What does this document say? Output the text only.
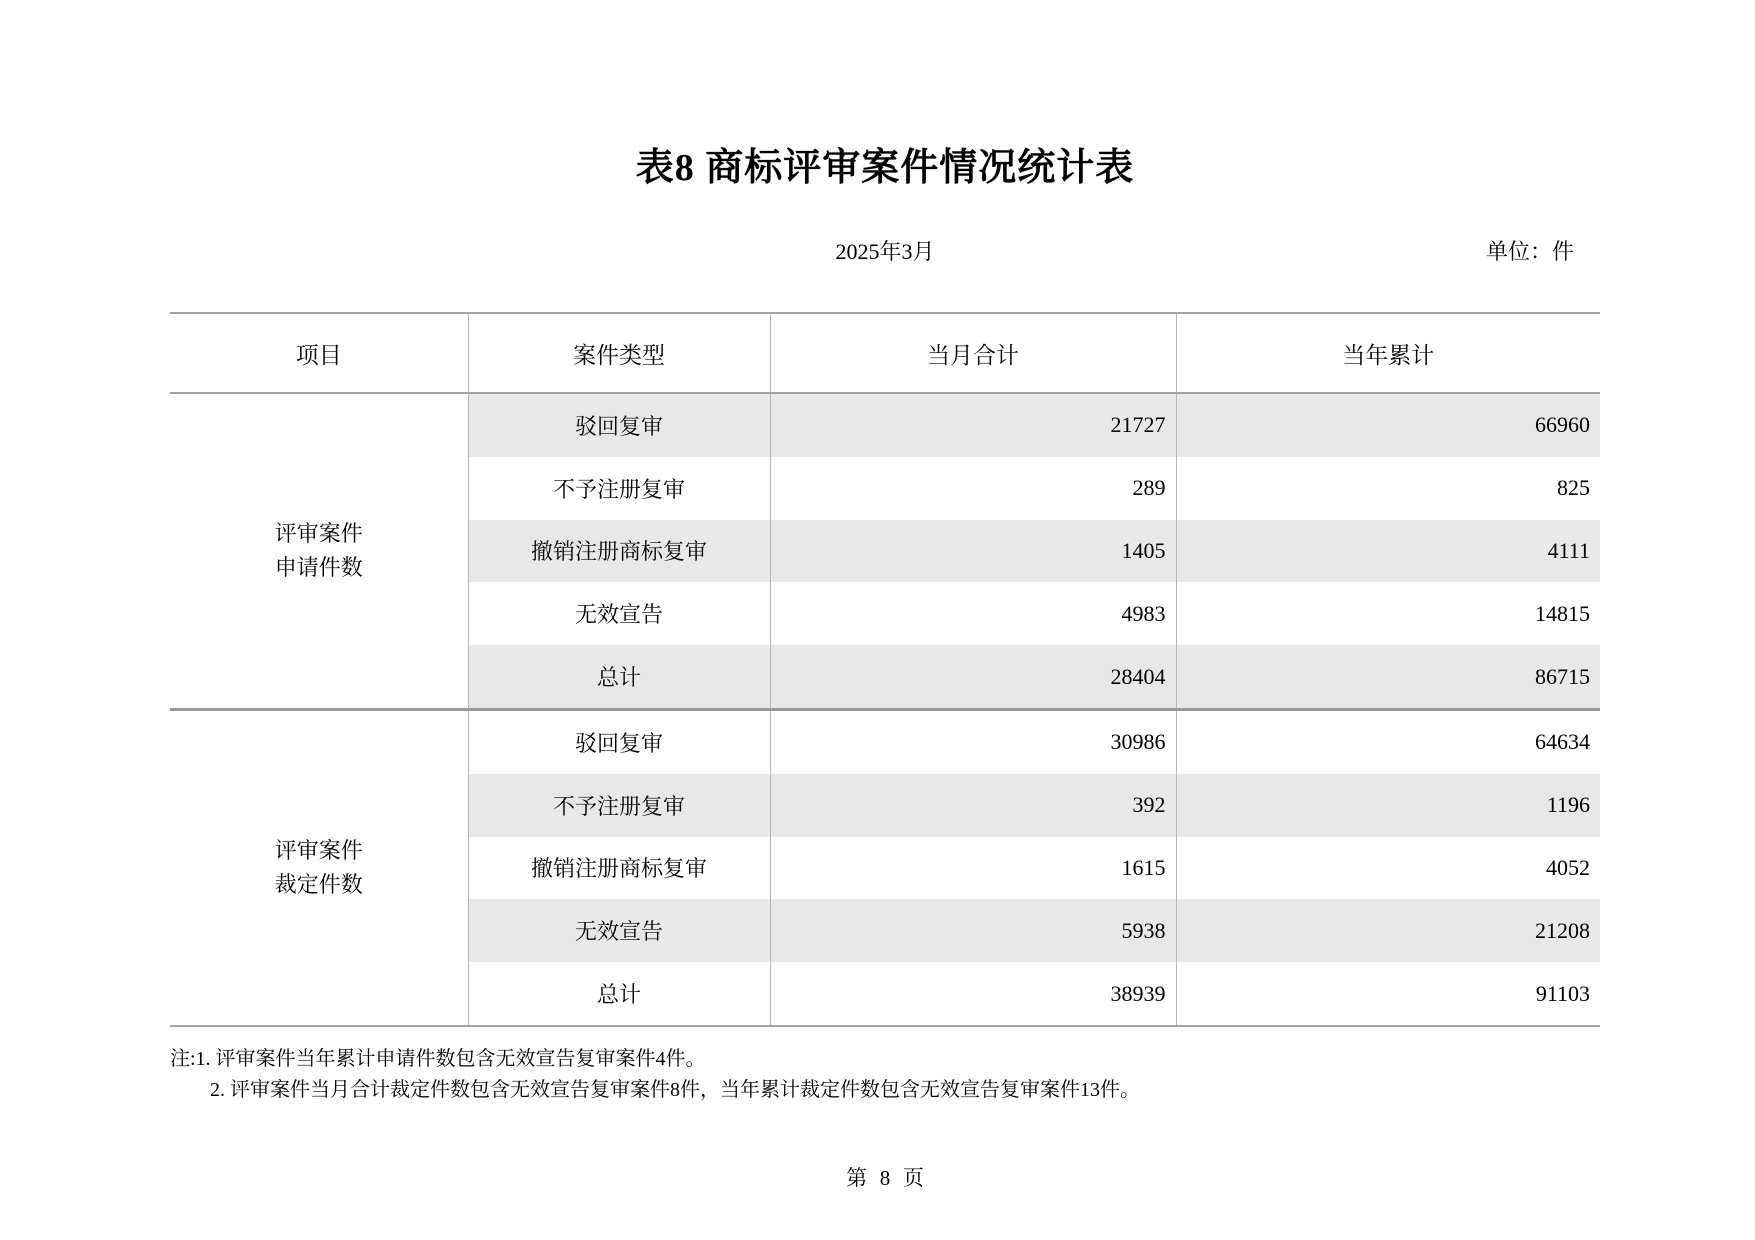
表8 商标评审案件情况统计表
2025年3月	单位：件
项目	案件类型	当月合计	当年累计

评审案件
申请件数	驳回复审	21727	66960
	不予注册复审	289	825
	撤销注册商标复审	1405	4111
	无效宣告	4983	14815
	总计	28404	86715

评审案件
裁定件数	驳回复审	30986	64634
	不予注册复审	392	1196
	撤销注册商标复审	1615	4052
	无效宣告	5938	21208
	总计	38939	91103
注:1. 评审案件当年累计申请件数包含无效宣告复审案件4件。
2. 评审案件当月合计裁定件数包含无效宣告复审案件8件，当年累计裁定件数包含无效宣告复审案件13件。
第 8 页
